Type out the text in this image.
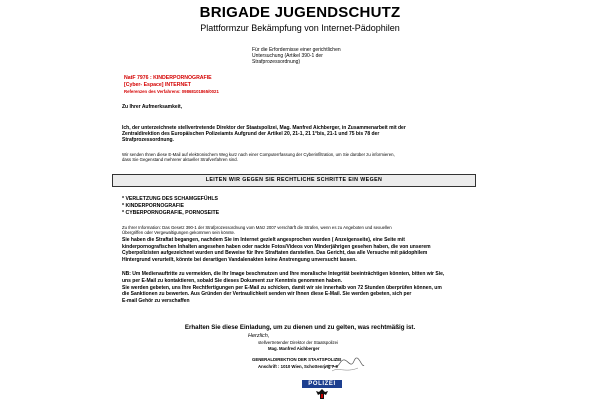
BRIGADE JUGENDSCHUTZ
Plattformzur Bekämpfung von Internet-Pädophilen
Für die Erfordernisse einer gerichtlichen
Untersuchung (Artikel 390-1 der
Strafprozessordnung)
NatF 7976 : KINDERPORNOGRAFIE
[Cyber- Espace] INTERNET
Referenzen des Verfahrens: 09868101865/0021
Zu Ihrer Aufmerksamkeit,
Ich, der unterzeichnete stellvertretende Direktor der Staatspolizei, Mag. Manfred Aichberger, in Zusammenarbeit mit der
Zentraldirektion des Europäischen Polizeiamts Aufgrund der Artikel 20, 21-1, 21 1°bis, 21-1 und 75 bis 78 der
Strafprozessordnung.
Wir senden Ihnen diese E-Mail auf elektronischem Weg kurz nach einer Computerrfassung der Cyberinfiltration, um Sie darüber zu informieren,
dass Sie Gegenstand mehrerer aktueller Strafverfahren sind.
LEITEN WIR GEGEN SIE RECHTLICHE SCHRITTE EIN WEGEN
* VERLETZUNG DES SCHAMGEFÜHLS
* KINDERPORNOGRAFIE
* CYBERPORNOGRAFIE, PORNOSEITE
Zu Ihrer Information: Das Gesetz 390-1 der Strafprozessordnung vom März 2007 verschärft die Strafen, wenn es zu Angeboten und sexuellen
Übergriffen oder Vergewaltigungen gekommen sein könnte.
Sie haben die Straftat begangen, nachdem Sie im Internet gezielt angesprochen wurden ( Anzeigenseite), eine Seite mit
kinderpornografischen Inhalten angesehen haben oder nackte Fotos/Videos von Minderjährigen gesehen haben, die von unserem
Cyberpolizisten aufgezeichnet wurden und Beweise für Ihre Straftaten darstellen. Das Gericht, das alle Versuche mit pädophilem
Hintergrund verurteilt, könnte bei derartigen Vandalenakten keine Anstrengung unversucht lassen.
NB: Um Medienauftritte zu vermeiden, die Ihr Image beschmutzen und Ihre moralische Integrität beeinträchtigen könnten, bitten wir Sie,
uns per E-Mail zu kontaktieren, sobald Sie dieses Dokument zur Kenntnis genommen haben.
Sie werden gebeten, uns Ihre Rechtfertigungen per E-Mail zu schicken, damit wir sie innerhalb von 72 Stunden überprüfen können, um
die Sanktionen zu bewerten. Aus Gründen der Vertraulichkeit senden wir Ihnen diese E-Mail. Sie werden gebeten, sich per
E-mail Gehör zu verschaffen
Erhalten Sie diese Einladung, um zu dienen und zu gelten, was rechtmäßig ist.
Herzlich,
stellvertretender Direktor der Staatspolizei
Mag. Manfred Aichberger
GENERALDIREKTION DER STAATSPOLIZEI
Anschrift : 1010 Wien, Schottenring 7-9
POLIZEI
